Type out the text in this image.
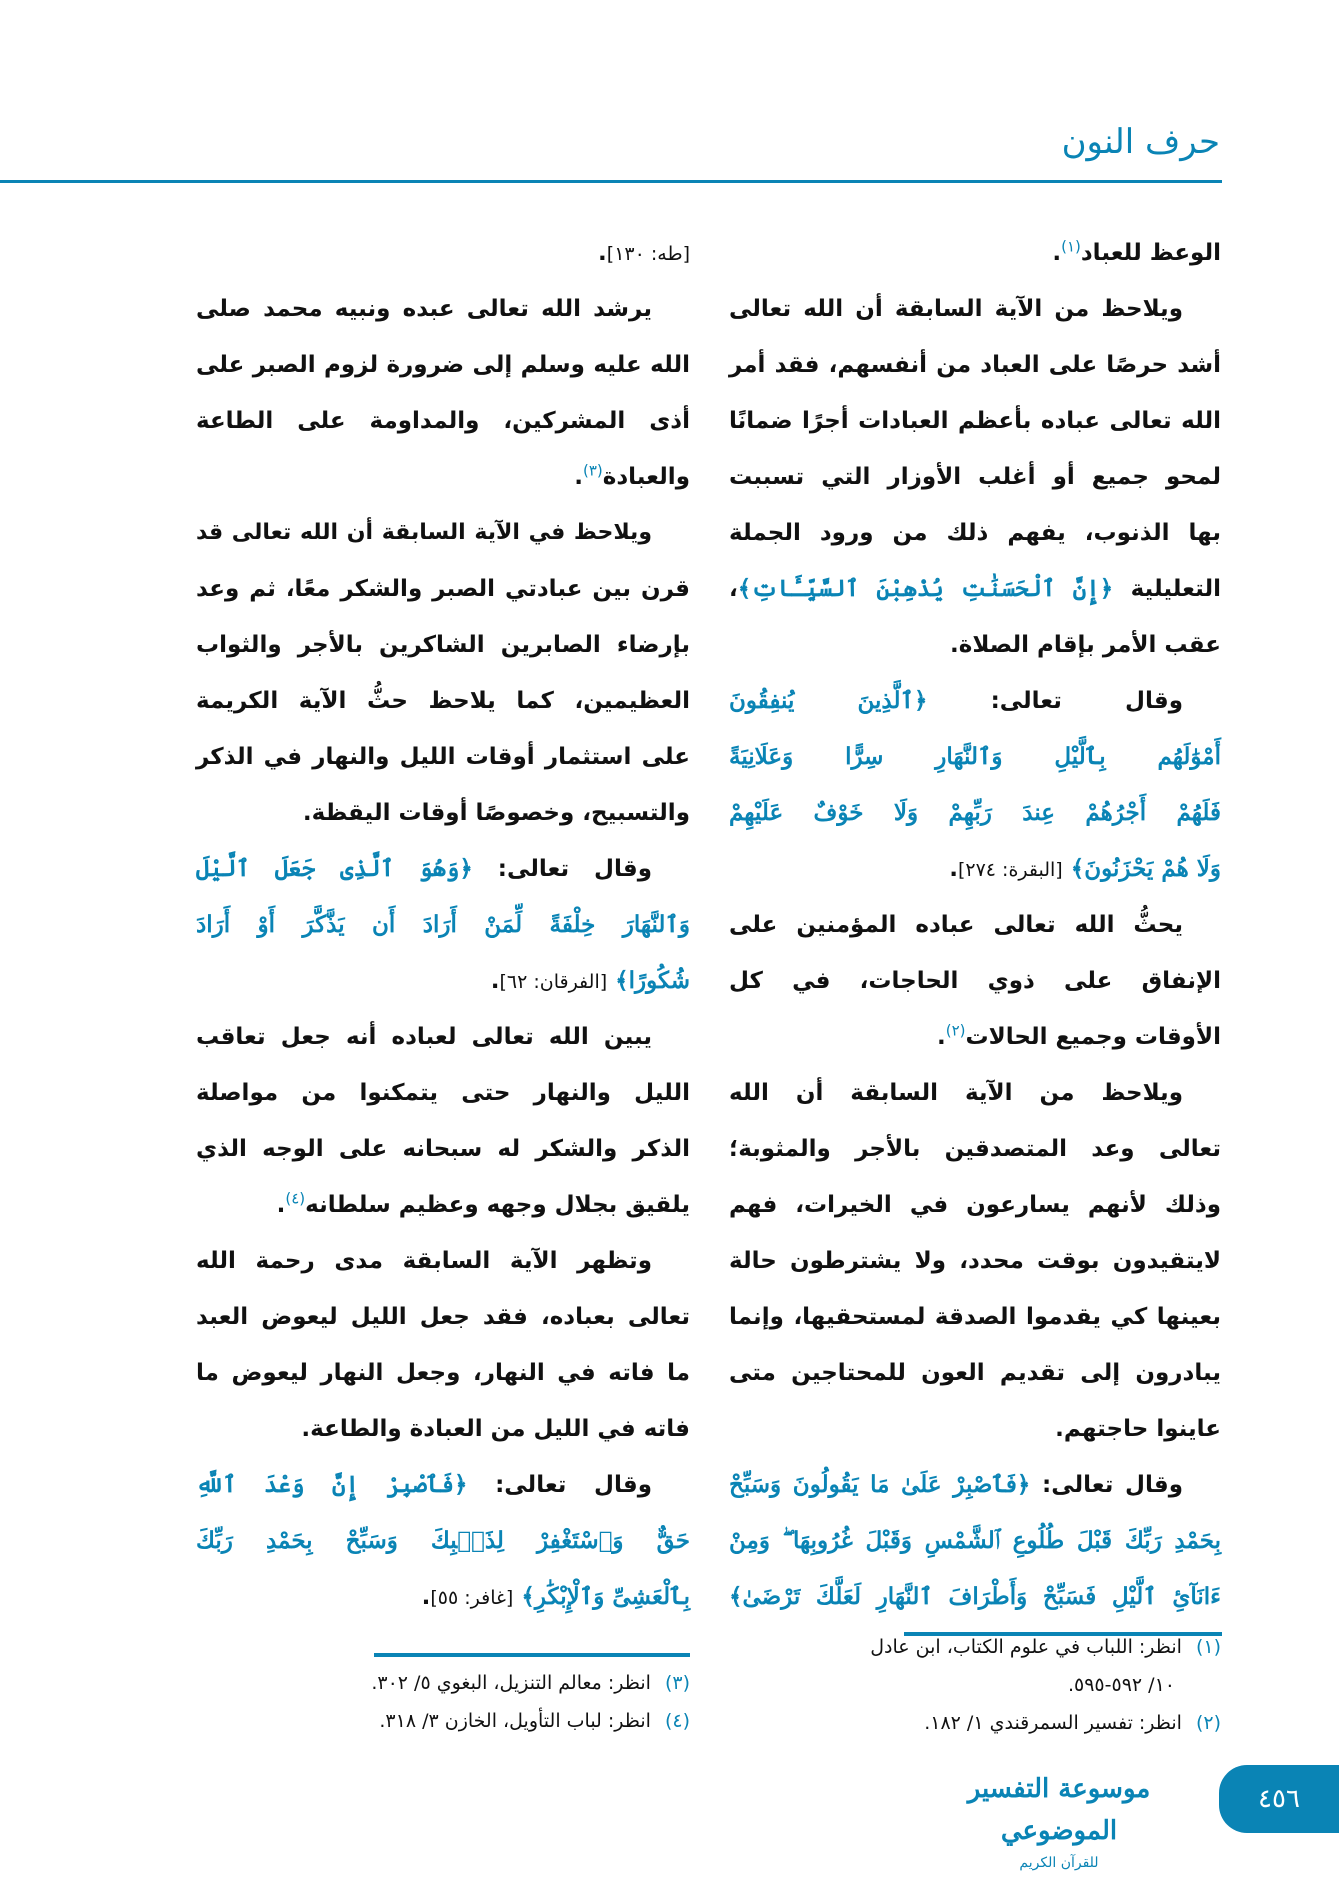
حرف النون
الوعظ للعباد$^{(١)}$.
ويلاحظ من الآية السابقة أن الله تعالى
أشد حرصًا على العباد من أنفسهم، فقد أمر
الله تعالى عباده بأعظم العبادات أجرًا ضمانًا
لمحو جميع أو أغلب الأوزار التي تسببت
بها الذنوب، يفهم ذلك من ورود الجملة
التعليلية ﴿إِنَّ ٱلْحَسَنَٰتِ يُذْهِبْنَ ٱلسَّيِّـَٔاتِ﴾،
عقب الأمر بإقام الصلاة.
وقال تعالى: ﴿ٱلَّذِينَ يُنفِقُونَ
أَمْوَٰلَهُم بِٱلَّيْلِ وَٱلنَّهَارِ سِرًّا وَعَلَانِيَةً
فَلَهُمْ أَجْرُهُمْ عِندَ رَبِّهِمْ وَلَا خَوْفٌ عَلَيْهِمْ
وَلَا هُمْ يَحْزَنُونَ﴾ [البقرة: ٢٧٤].
يحثُّ الله تعالى عباده المؤمنين على
الإنفاق على ذوي الحاجات، في كل
الأوقات وجميع الحالات$^{(٢)}$.
ويلاحظ من الآية السابقة أن الله
تعالى وعد المتصدقين بالأجر والمثوبة؛
وذلك لأنهم يسارعون في الخيرات، فهم
لايتقيدون بوقت محدد، ولا يشترطون حالة
بعينها كي يقدموا الصدقة لمستحقيها، وإنما
يبادرون إلى تقديم العون للمحتاجين متى
عاينوا حاجتهم.
وقال تعالى: ﴿فَٱصْبِرْ عَلَىٰ مَا يَقُولُونَ وَسَبِّحْ
بِحَمْدِ رَبِّكَ قَبْلَ طُلُوعِ ٱلشَّمْسِ وَقَبْلَ غُرُوبِهَا ۖ وَمِنْ
ءَانَآئِ ٱلَّيْلِ فَسَبِّحْ وَأَطْرَافَ ٱلنَّهَارِ لَعَلَّكَ تَرْضَىٰ﴾
[طه: ١٣٠].
يرشد الله تعالى عبده ونبيه محمد صلى
الله عليه وسلم إلى ضرورة لزوم الصبر على
أذى المشركين، والمداومة على الطاعة
والعبادة$^{(٣)}$.
ويلاحظ في الآية السابقة أن الله تعالى قد
قرن بين عبادتي الصبر والشكر معًا، ثم وعد
بإرضاء الصابرين الشاكرين بالأجر والثواب
العظيمين، كما يلاحظ حثُّ الآية الكريمة
على استثمار أوقات الليل والنهار في الذكر
والتسبيح، وخصوصًا أوقات اليقظة.
وقال تعالى: ﴿وَهُوَ ٱلَّذِى جَعَلَ ٱلَّيْلَ
وَٱلنَّهَارَ خِلْفَةً لِّمَنْ أَرَادَ أَن يَذَّكَّرَ أَوْ أَرَادَ
شُكُورًا﴾ [الفرقان: ٦٢].
يبين الله تعالى لعباده أنه جعل تعاقب
الليل والنهار حتى يتمكنوا من مواصلة
الذكر والشكر له سبحانه على الوجه الذي
يلقيق بجلال وجهه وعظيم سلطانه$^{(٤)}$.
وتظهر الآية السابقة مدى رحمة الله
تعالى بعباده، فقد جعل الليل ليعوض العبد
ما فاته في النهار، وجعل النهار ليعوض ما
فاته في الليل من العبادة والطاعة.
وقال تعالى: ﴿فَٱصْبِرْ إِنَّ وَعْدَ ٱللَّهِ
حَقٌّ وَٱسْتَغْفِرْ لِذَنۢبِكَ وَسَبِّحْ بِحَمْدِ رَبِّكَ
بِٱلْعَشِىِّ وَٱلْإِبْكَٰرِ﴾ [غافر: ٥٥].
(١)انظر: اللباب في علوم الكتاب، ابن عادل
١٠/ ٥٩٢-٥٩٥.
(٢)انظر: تفسير السمرقندي ١/ ١٨٢.
(٣)انظر: معالم التنزيل، البغوي ٥/ ٣٠٢.
(٤)انظر: لباب التأويل، الخازن ٣/ ٣١٨.
موسوعة التفسير الموضوعي
للقرآن الكريم
٤٥٦
